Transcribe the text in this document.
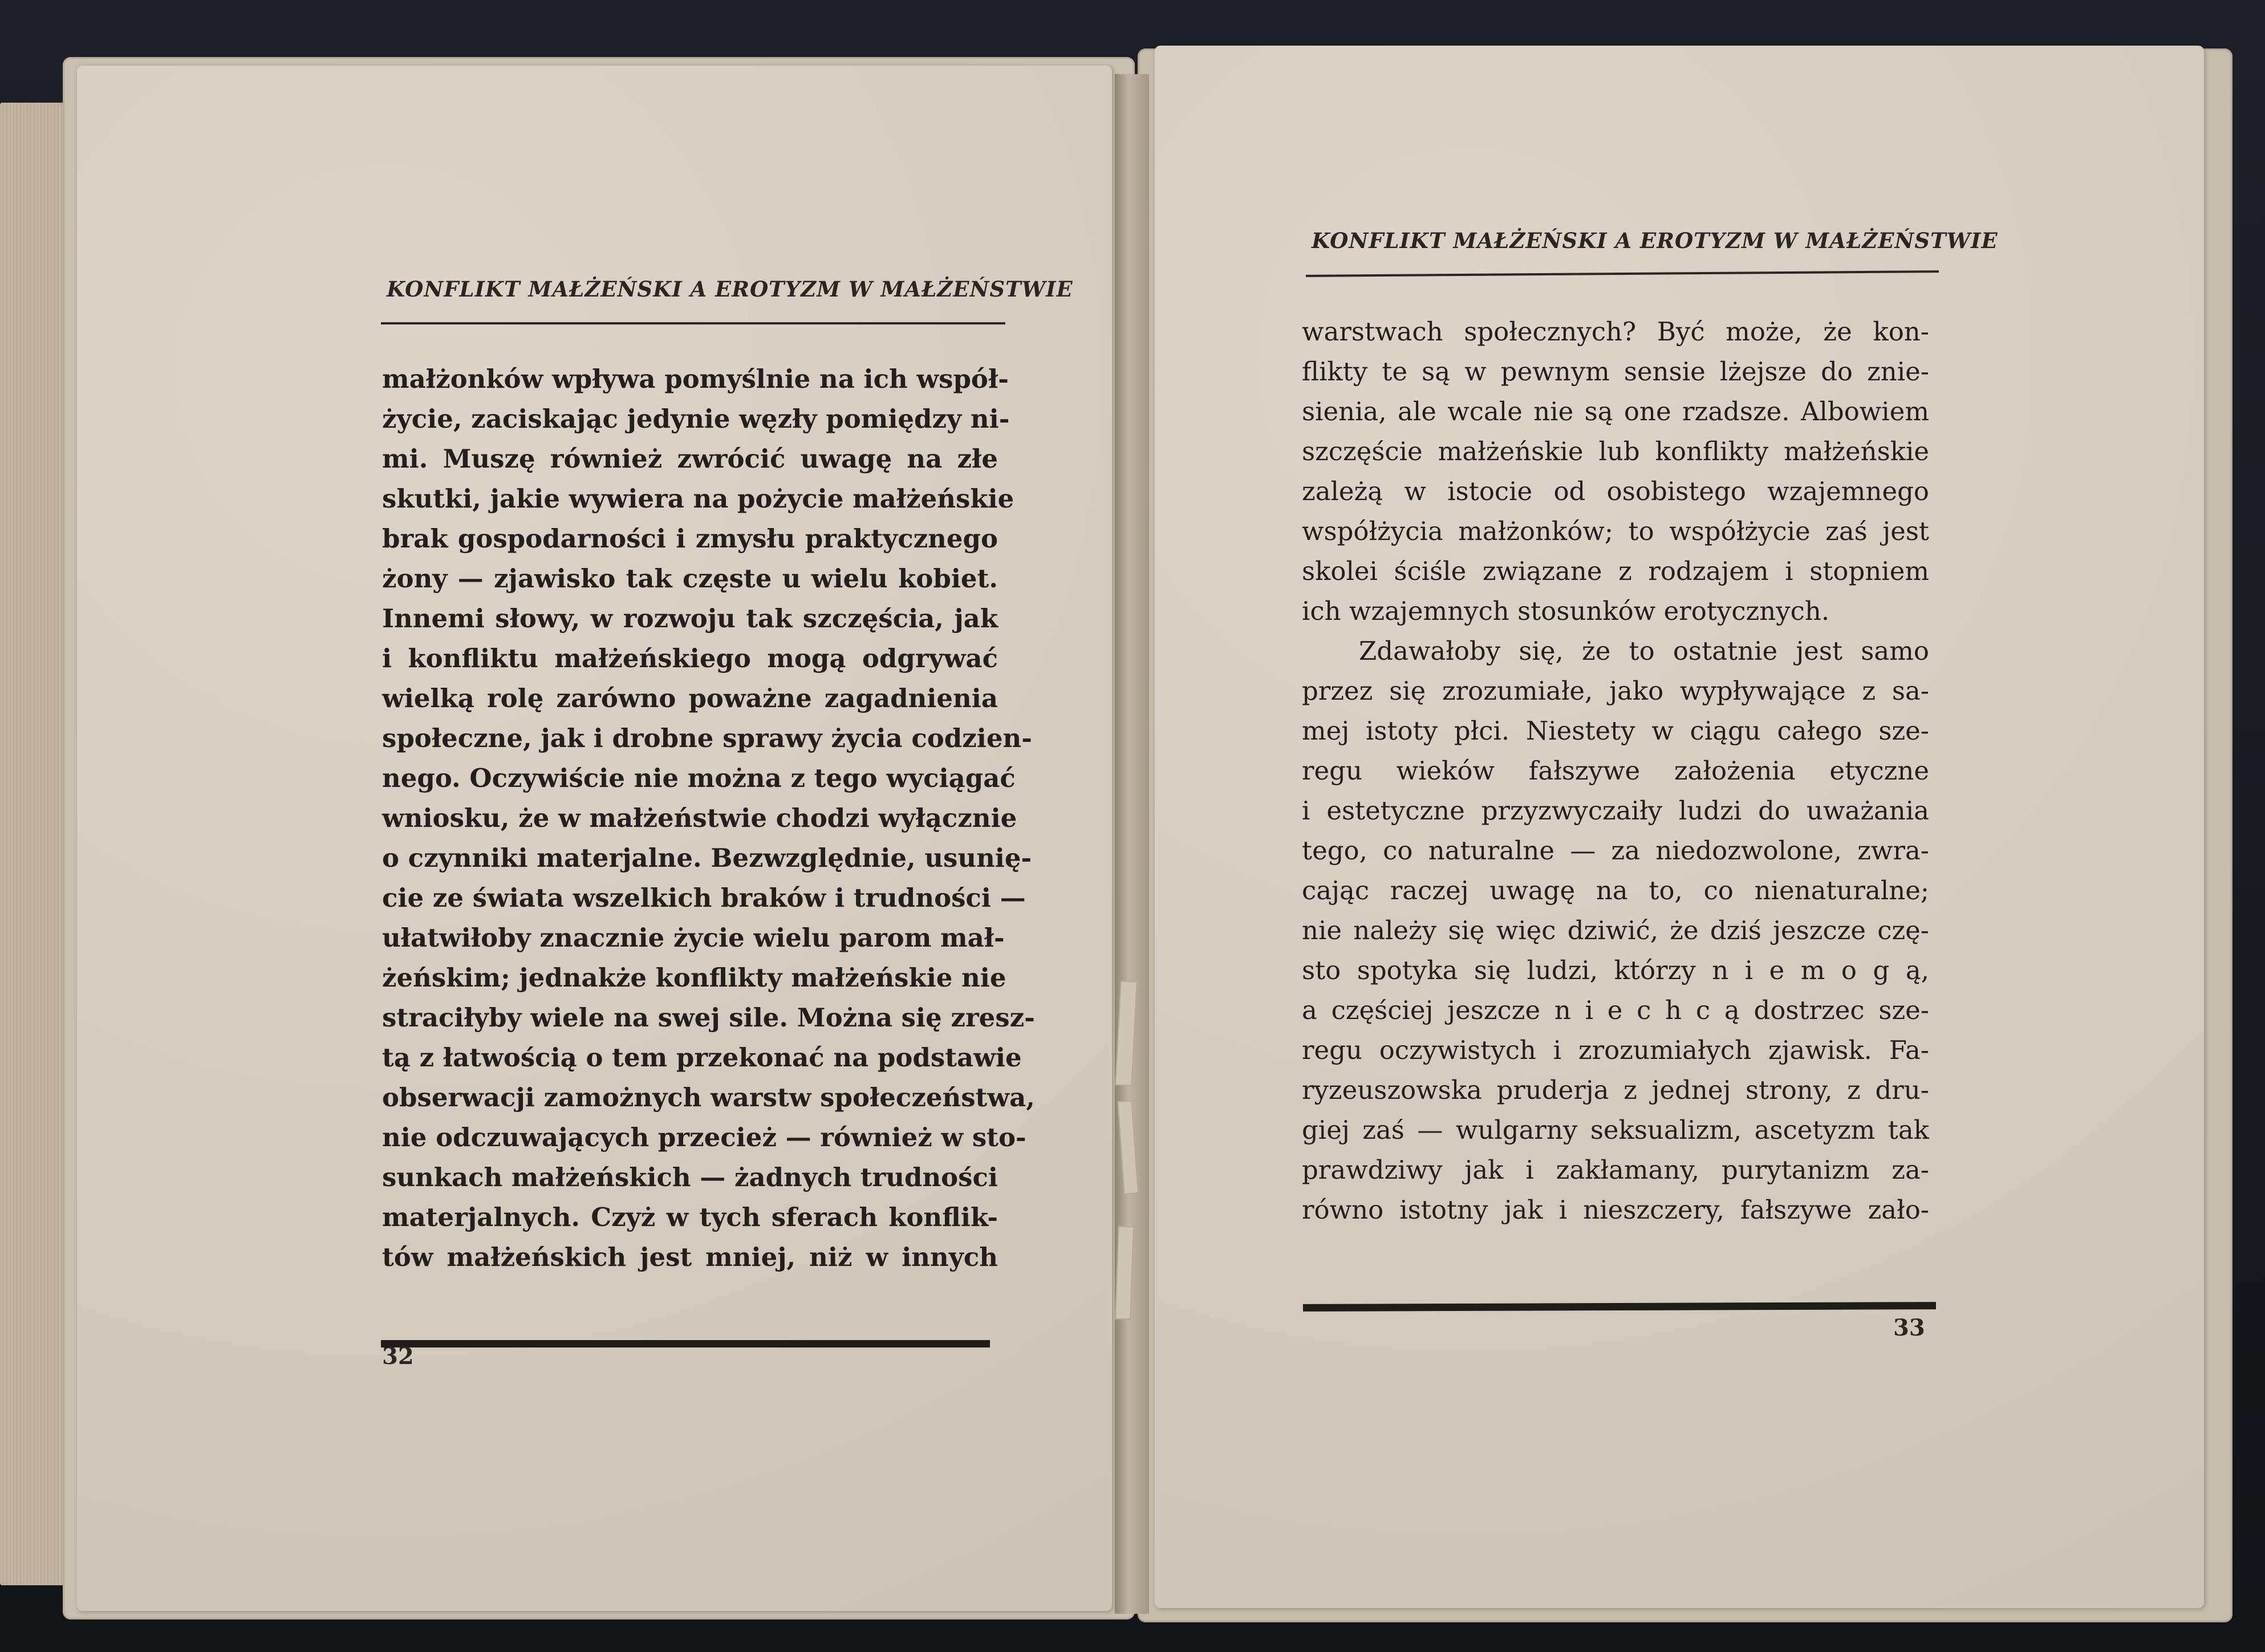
KONFLIKT MAŁŻEŃSKI A EROTYZM W MAŁŻEŃSTWIE
małżonków wpływa pomyślnie na ich współ-
życie, zaciskając jedynie węzły pomiędzy ni-
mi. Muszę również zwrócić uwagę na złe
skutki, jakie wywiera na pożycie małżeńskie
brak gospodarności i zmysłu praktycznego
żony — zjawisko tak częste u wielu kobiet.
Innemi słowy, w rozwoju tak szczęścia, jak
i konfliktu małżeńskiego mogą odgrywać
wielką rolę zarówno poważne zagadnienia
społeczne, jak i drobne sprawy życia codzien-
nego. Oczywiście nie można z tego wyciągać
wniosku, że w małżeństwie chodzi wyłącznie
o czynniki materjalne. Bezwzględnie, usunię-
cie ze świata wszelkich braków i trudności —
ułatwiłoby znacznie życie wielu parom mał-
żeńskim; jednakże konflikty małżeńskie nie
straciłyby wiele na swej sile. Można się zresz-
tą z łatwością o tem przekonać na podstawie
obserwacji zamożnych warstw społeczeństwa,
nie odczuwających przecież — również w sto-
sunkach małżeńskich — żadnych trudności
materjalnych. Czyż w tych sferach konflik-
tów małżeńskich jest mniej, niż w innych
32
KONFLIKT MAŁŻEŃSKI A EROTYZM W MAŁŻEŃSTWIE
warstwach społecznych? Być może, że kon-
flikty te są w pewnym sensie lżejsze do znie-
sienia, ale wcale nie są one rzadsze. Albowiem
szczęście małżeńskie lub konflikty małżeńskie
zależą w istocie od osobistego wzajemnego
współżycia małżonków; to współżycie zaś jest
skolei ściśle związane z rodzajem i stopniem
ich wzajemnych stosunków erotycznych.
Zdawałoby się, że to ostatnie jest samo
przez się zrozumiałe, jako wypływające z sa-
mej istoty płci. Niestety w ciągu całego sze-
regu wieków fałszywe założenia etyczne
i estetyczne przyzwyczaiły ludzi do uważania
tego, co naturalne — za niedozwolone, zwra-
cając raczej uwagę na to, co nienaturalne;
nie należy się więc dziwić, że dziś jeszcze czę-
sto spotyka się ludzi, którzy n i e m o g ą,
a częściej jeszcze n i e c h c ą dostrzec sze-
regu oczywistych i zrozumiałych zjawisk. Fa-
ryzeuszowska pruderja z jednej strony, z dru-
giej zaś — wulgarny seksualizm, ascetyzm tak
prawdziwy jak i zakłamany, purytanizm za-
równo istotny jak i nieszczery, fałszywe zało-
33
